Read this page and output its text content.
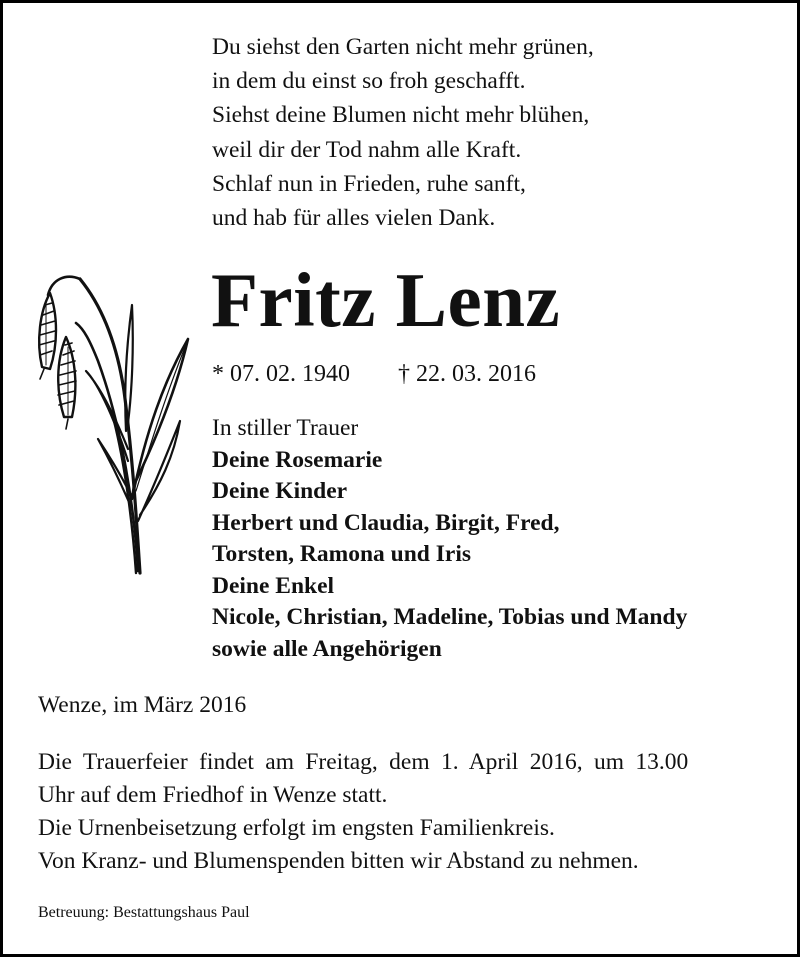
Du siehst den Garten nicht mehr grünen,
in dem du einst so froh geschafft.
Siehst deine Blumen nicht mehr blühen,
weil dir der Tod nahm alle Kraft.
Schlaf nun in Frieden, ruhe sanft,
und hab für alles vielen Dank.
Fritz Lenz
* 07. 02. 1940 † 22. 03. 2016
In stiller Trauer
Deine Rosemarie
Deine Kinder
Herbert und Claudia, Birgit, Fred,
Torsten, Ramona und Iris
Deine Enkel
Nicole, Christian, Madeline, Tobias und Mandy
sowie alle Angehörigen
Wenze, im März 2016
Die Trauerfeier findet am Freitag, dem 1. April 2016, um 13.00
Uhr auf dem Friedhof in Wenze statt.
Die Urnenbeisetzung erfolgt im engsten Familienkreis.
Von Kranz- und Blumenspenden bitten wir Abstand zu nehmen.
Betreuung: Bestattungshaus Paul
